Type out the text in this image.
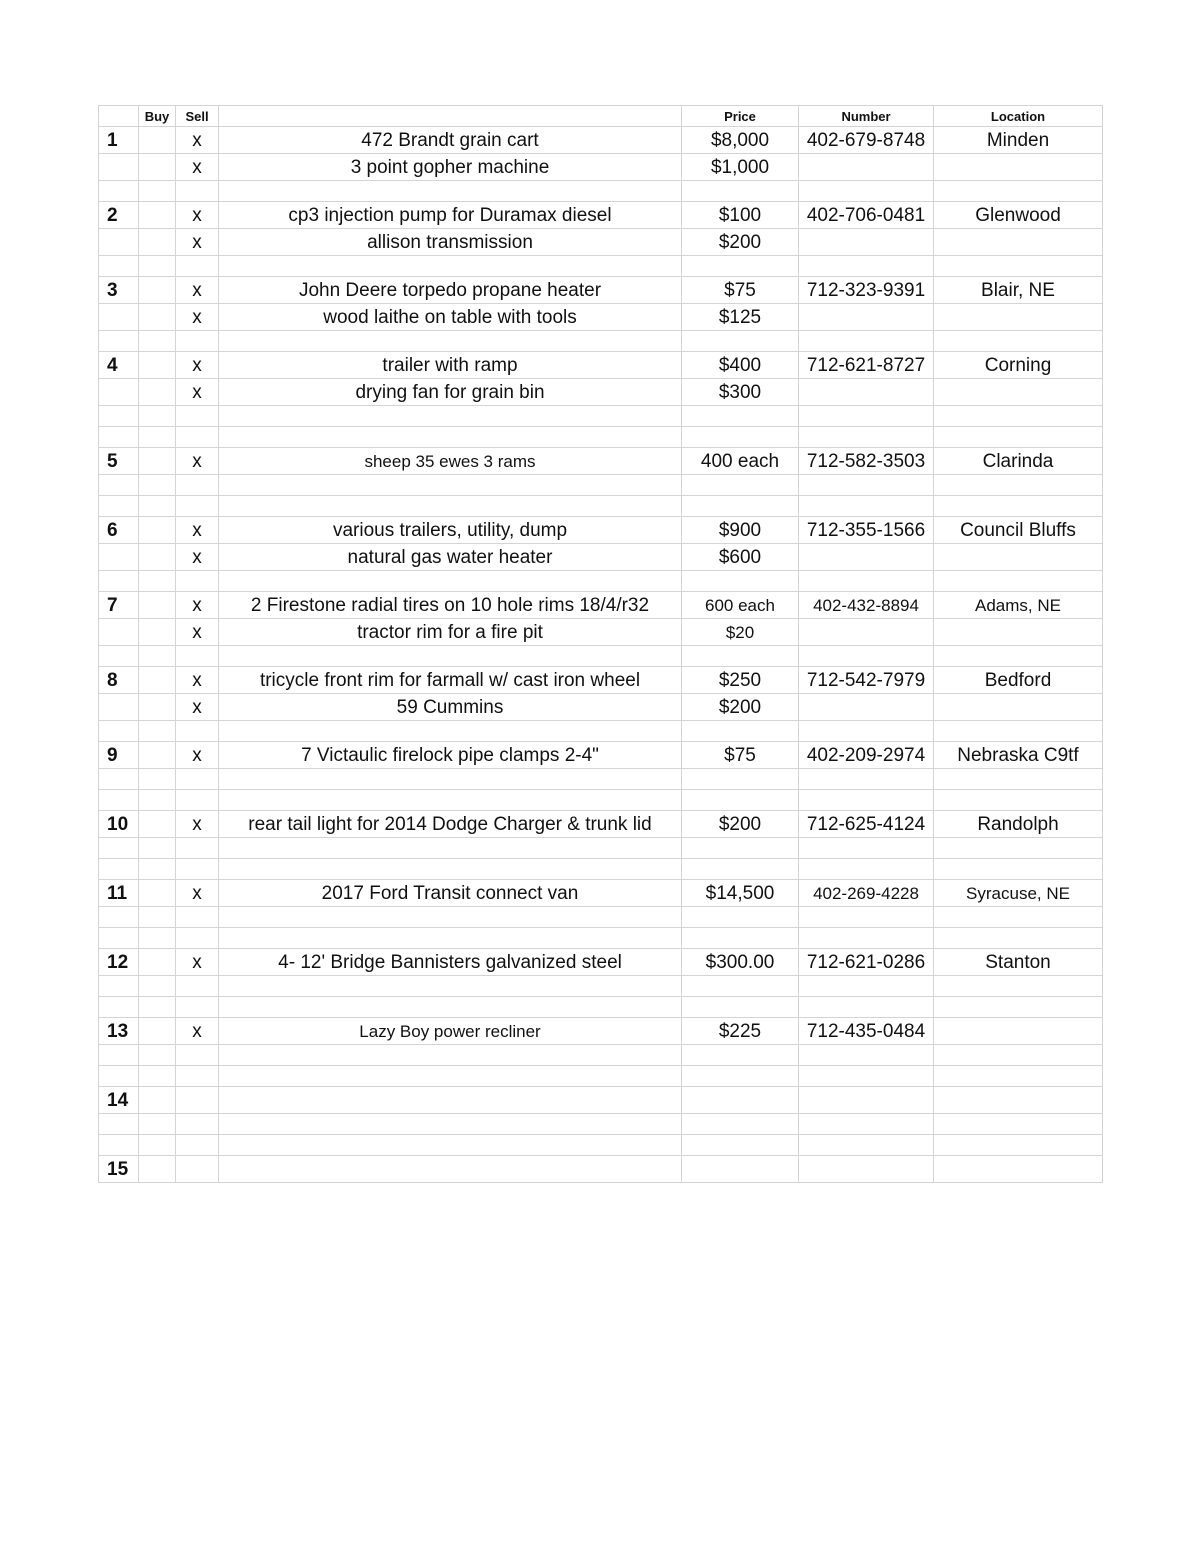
	Buy	Sell		Price	Number	Location
1		x	472 Brandt grain cart	$8,000	402-679-8748	Minden
		x	3 point gopher machine	$1,000		

2		x	cp3 injection pump for Duramax diesel	$100	402-706-0481	Glenwood
		x	allison transmission	$200		

3		x	John Deere torpedo propane heater	$75	712-323-9391	Blair, NE
		x	wood laithe on table with tools	$125		

4		x	trailer with ramp	$400	712-621-8727	Corning
		x	drying fan for grain bin	$300		

5		x	sheep 35 ewes 3 rams	400 each	712-582-3503	Clarinda

6		x	various trailers, utility, dump	$900	712-355-1566	Council Bluffs
		x	natural gas water heater	$600		

7		x	2 Firestone radial tires on 10 hole rims 18/4/r32	600 each	402-432-8894	Adams, NE
		x	tractor rim for a fire pit	$20		

8		x	tricycle front rim for farmall w/ cast iron wheel	$250	712-542-7979	Bedford
		x	59 Cummins	$200		

9		x	7 Victaulic firelock pipe clamps 2-4"	$75	402-209-2974	Nebraska C9tf

10		x	rear tail light for 2014 Dodge Charger & trunk lid	$200	712-625-4124	Randolph

11		x	2017 Ford Transit connect van	$14,500	402-269-4228	Syracuse, NE

12		x	4- 12' Bridge Bannisters galvanized steel	$300.00	712-621-0286	Stanton

13		x	Lazy Boy power recliner	$225	712-435-0484	

14						

15						
